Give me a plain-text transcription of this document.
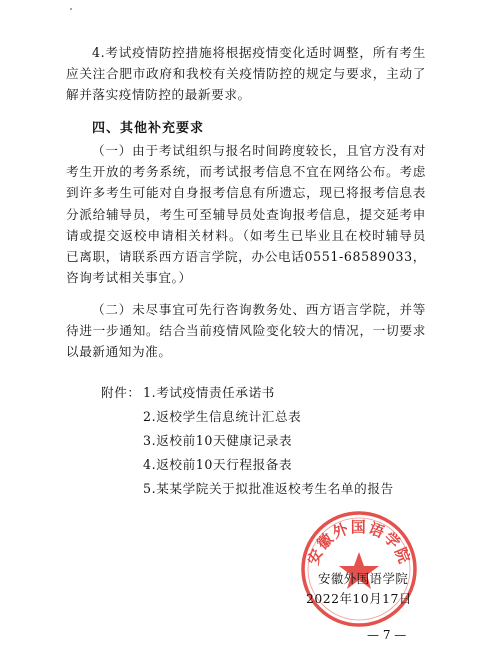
4.考试疫情防控措施将根据疫情变化适时调整，所有考生应关注合肥市政府和我校有关疫情防控的规定与要求，主动了解并落实疫情防控的最新要求。

四、其他补充要求

（一）由于考试组织与报名时间跨度较长，且官方没有对考生开放的考务系统，而考试报考信息不宜在网络公布。考虑到许多考生可能对自身报考信息有所遗忘，现已将报考信息表分派给辅导员，考生可至辅导员处查询报考信息，提交延考申请或提交返校申请相关材料。（如考生已毕业且在校时辅导员已离职，请联系西方语言学院，办公电话0551-68589033，咨询考试相关事宜。）

（二）未尽事宜可先行咨询教务处、西方语言学院，并等待进一步通知。结合当前疫情风险变化较大的情况，一切要求以最新通知为准。

附件： 1.考试疫情责任承诺书
2.返校学生信息统计汇总表
3.返校前10天健康记录表
4.返校前10天行程报备表
5.某某学院关于拟批准返校考生名单的报告
安徽外国语学院
安徽外国语学院
2022年10月17日
— 7 —
